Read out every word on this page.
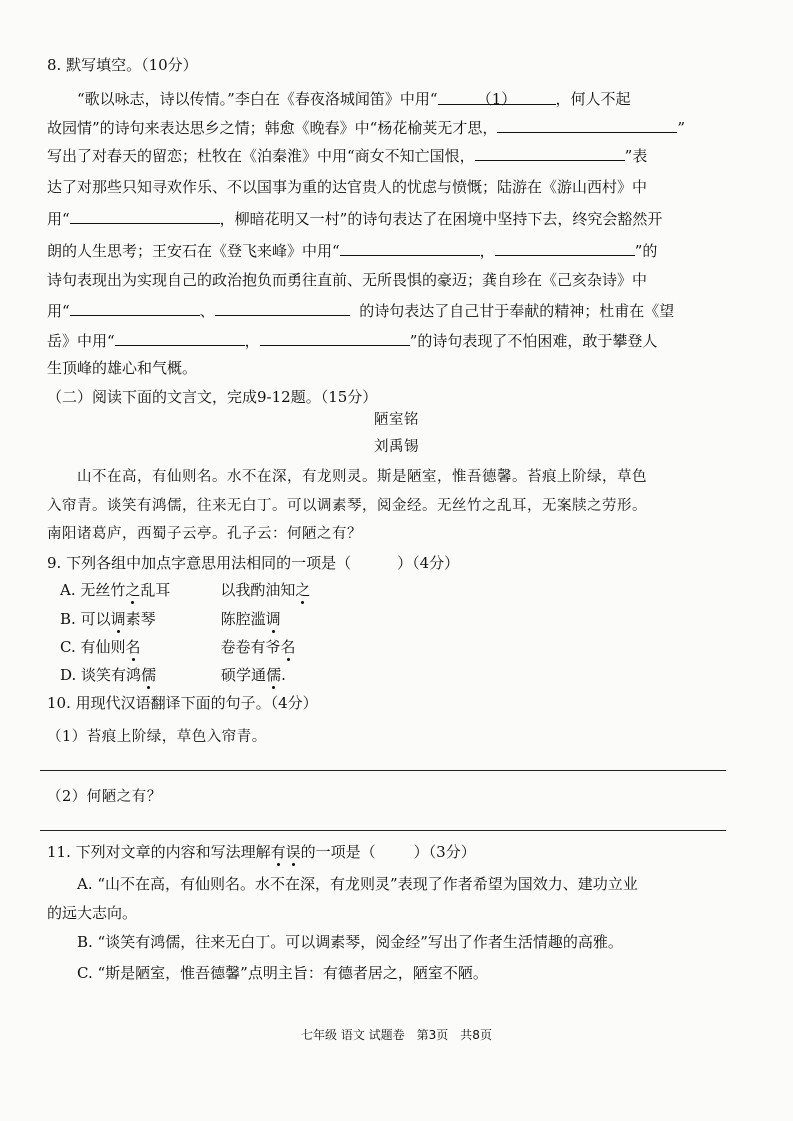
8. 默写填空。（10分）
“歌以咏志，诗以传情。”李白在《春夜洛城闻笛》中用“	（1）	，何人不起
故园情”的诗句来表达思乡之情；韩愈《晚春》中“杨花榆荚无才思，	”
写出了对春天的留恋；杜牧在《泊秦淮》中用“商女不知亡国恨，	”表
达了对那些只知寻欢作乐、不以国事为重的达官贵人的忧虑与愤慨；陆游在《游山西村》中
用“	，柳暗花明又一村”的诗句表达了在困境中坚持下去，终究会豁然开
朗的人生思考；王安石在《登飞来峰》中用“	，	”的
诗句表现出为实现自己的政治抱负而勇往直前、无所畏惧的豪迈；龚自珍在《己亥杂诗》中
用“	、	的诗句表达了自己甘于奉献的精神；杜甫在《望
岳》中用“	，	”的诗句表现了不怕困难，敢于攀登人
生顶峰的雄心和气概。
（二）阅读下面的文言文，完成9-12题。（15分）
陋室铭
刘禹锡
山不在高，有仙则名。水不在深，有龙则灵。斯是陋室，惟吾德馨。苔痕上阶绿，草色
入帘青。谈笑有鸿儒，往来无白丁。可以调素琴，阅金经。无丝竹之乱耳，无案牍之劳形。
南阳诸葛庐，西蜀子云亭。孔子云：何陋之有？
9. 下列各组中加点字意思用法相同的一项是（	）（4分）
A. 无丝竹之乱耳	以我酌油知之
B. 可以调素琴	陈腔滥调
C. 有仙则名	卷卷有爷名
D. 谈笑有鸿儒	硕学通儒.
10. 用现代汉语翻译下面的句子。（4分）
（1）苔痕上阶绿，草色入帘青。
（2）何陋之有？
11. 下列对文章的内容和写法理解有误的一项是（	）（3分）
A. “山不在高，有仙则名。水不在深，有龙则灵”表现了作者希望为国效力、建功立业
的远大志向。
B. “谈笑有鸿儒，往来无白丁。可以调素琴，阅金经”写出了作者生活情趣的高雅。
C. “斯是陋室，惟吾德馨”点明主旨：有德者居之，陋室不陋。
七年级 语文 试题卷　第3页　共8页
